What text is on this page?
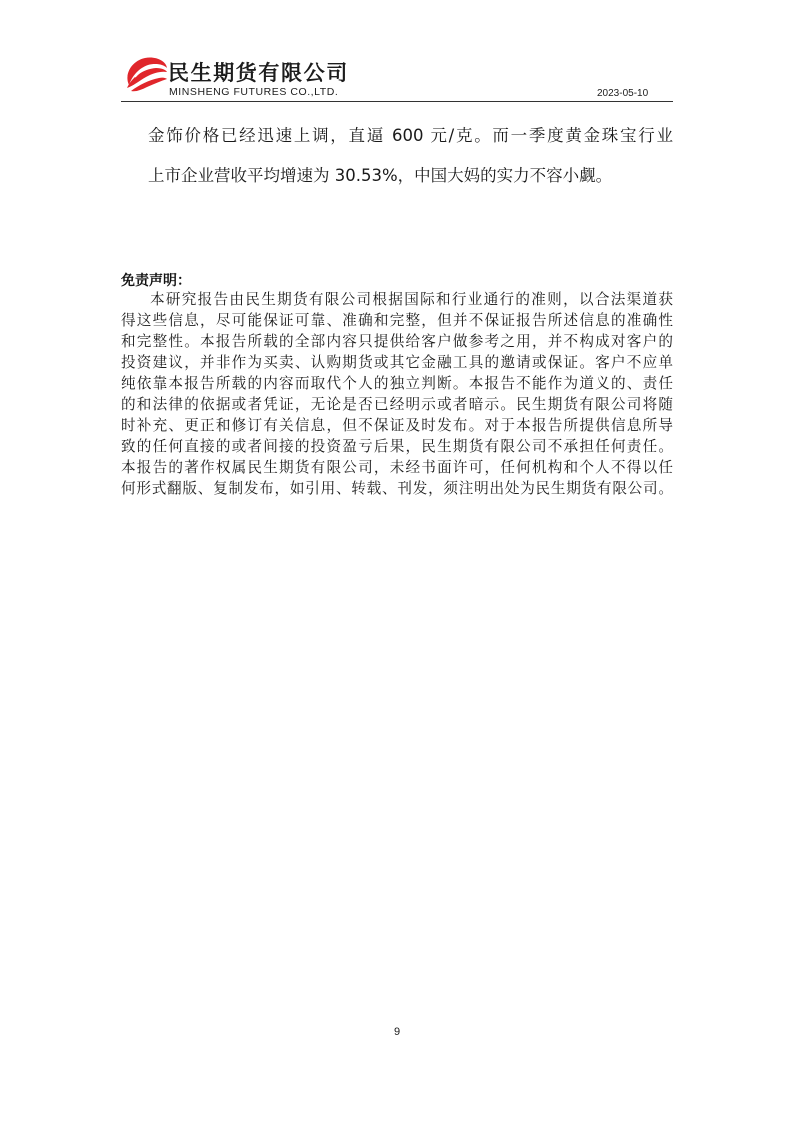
民生期货有限公司
MINSHENG FUTURES CO.,LTD.	2023-05-10
金饰价格已经迅速上调，直逼 600 元/克。而一季度黄金珠宝行业
上市企业营收平均增速为 30.53%，中国大妈的实力不容小觑。
免责声明：
本研究报告由民生期货有限公司根据国际和行业通行的准则，以合法渠道获
得这些信息，尽可能保证可靠、准确和完整，但并不保证报告所述信息的准确性
和完整性。本报告所载的全部内容只提供给客户做参考之用，并不构成对客户的
投资建议，并非作为买卖、认购期货或其它金融工具的邀请或保证。客户不应单
纯依靠本报告所载的内容而取代个人的独立判断。本报告不能作为道义的、责任
的和法律的依据或者凭证，无论是否已经明示或者暗示。民生期货有限公司将随
时补充、更正和修订有关信息，但不保证及时发布。对于本报告所提供信息所导
致的任何直接的或者间接的投资盈亏后果，民生期货有限公司不承担任何责任。
本报告的著作权属民生期货有限公司，未经书面许可，任何机构和个人不得以任
何形式翻版、复制发布，如引用、转载、刊发，须注明出处为民生期货有限公司。
9
